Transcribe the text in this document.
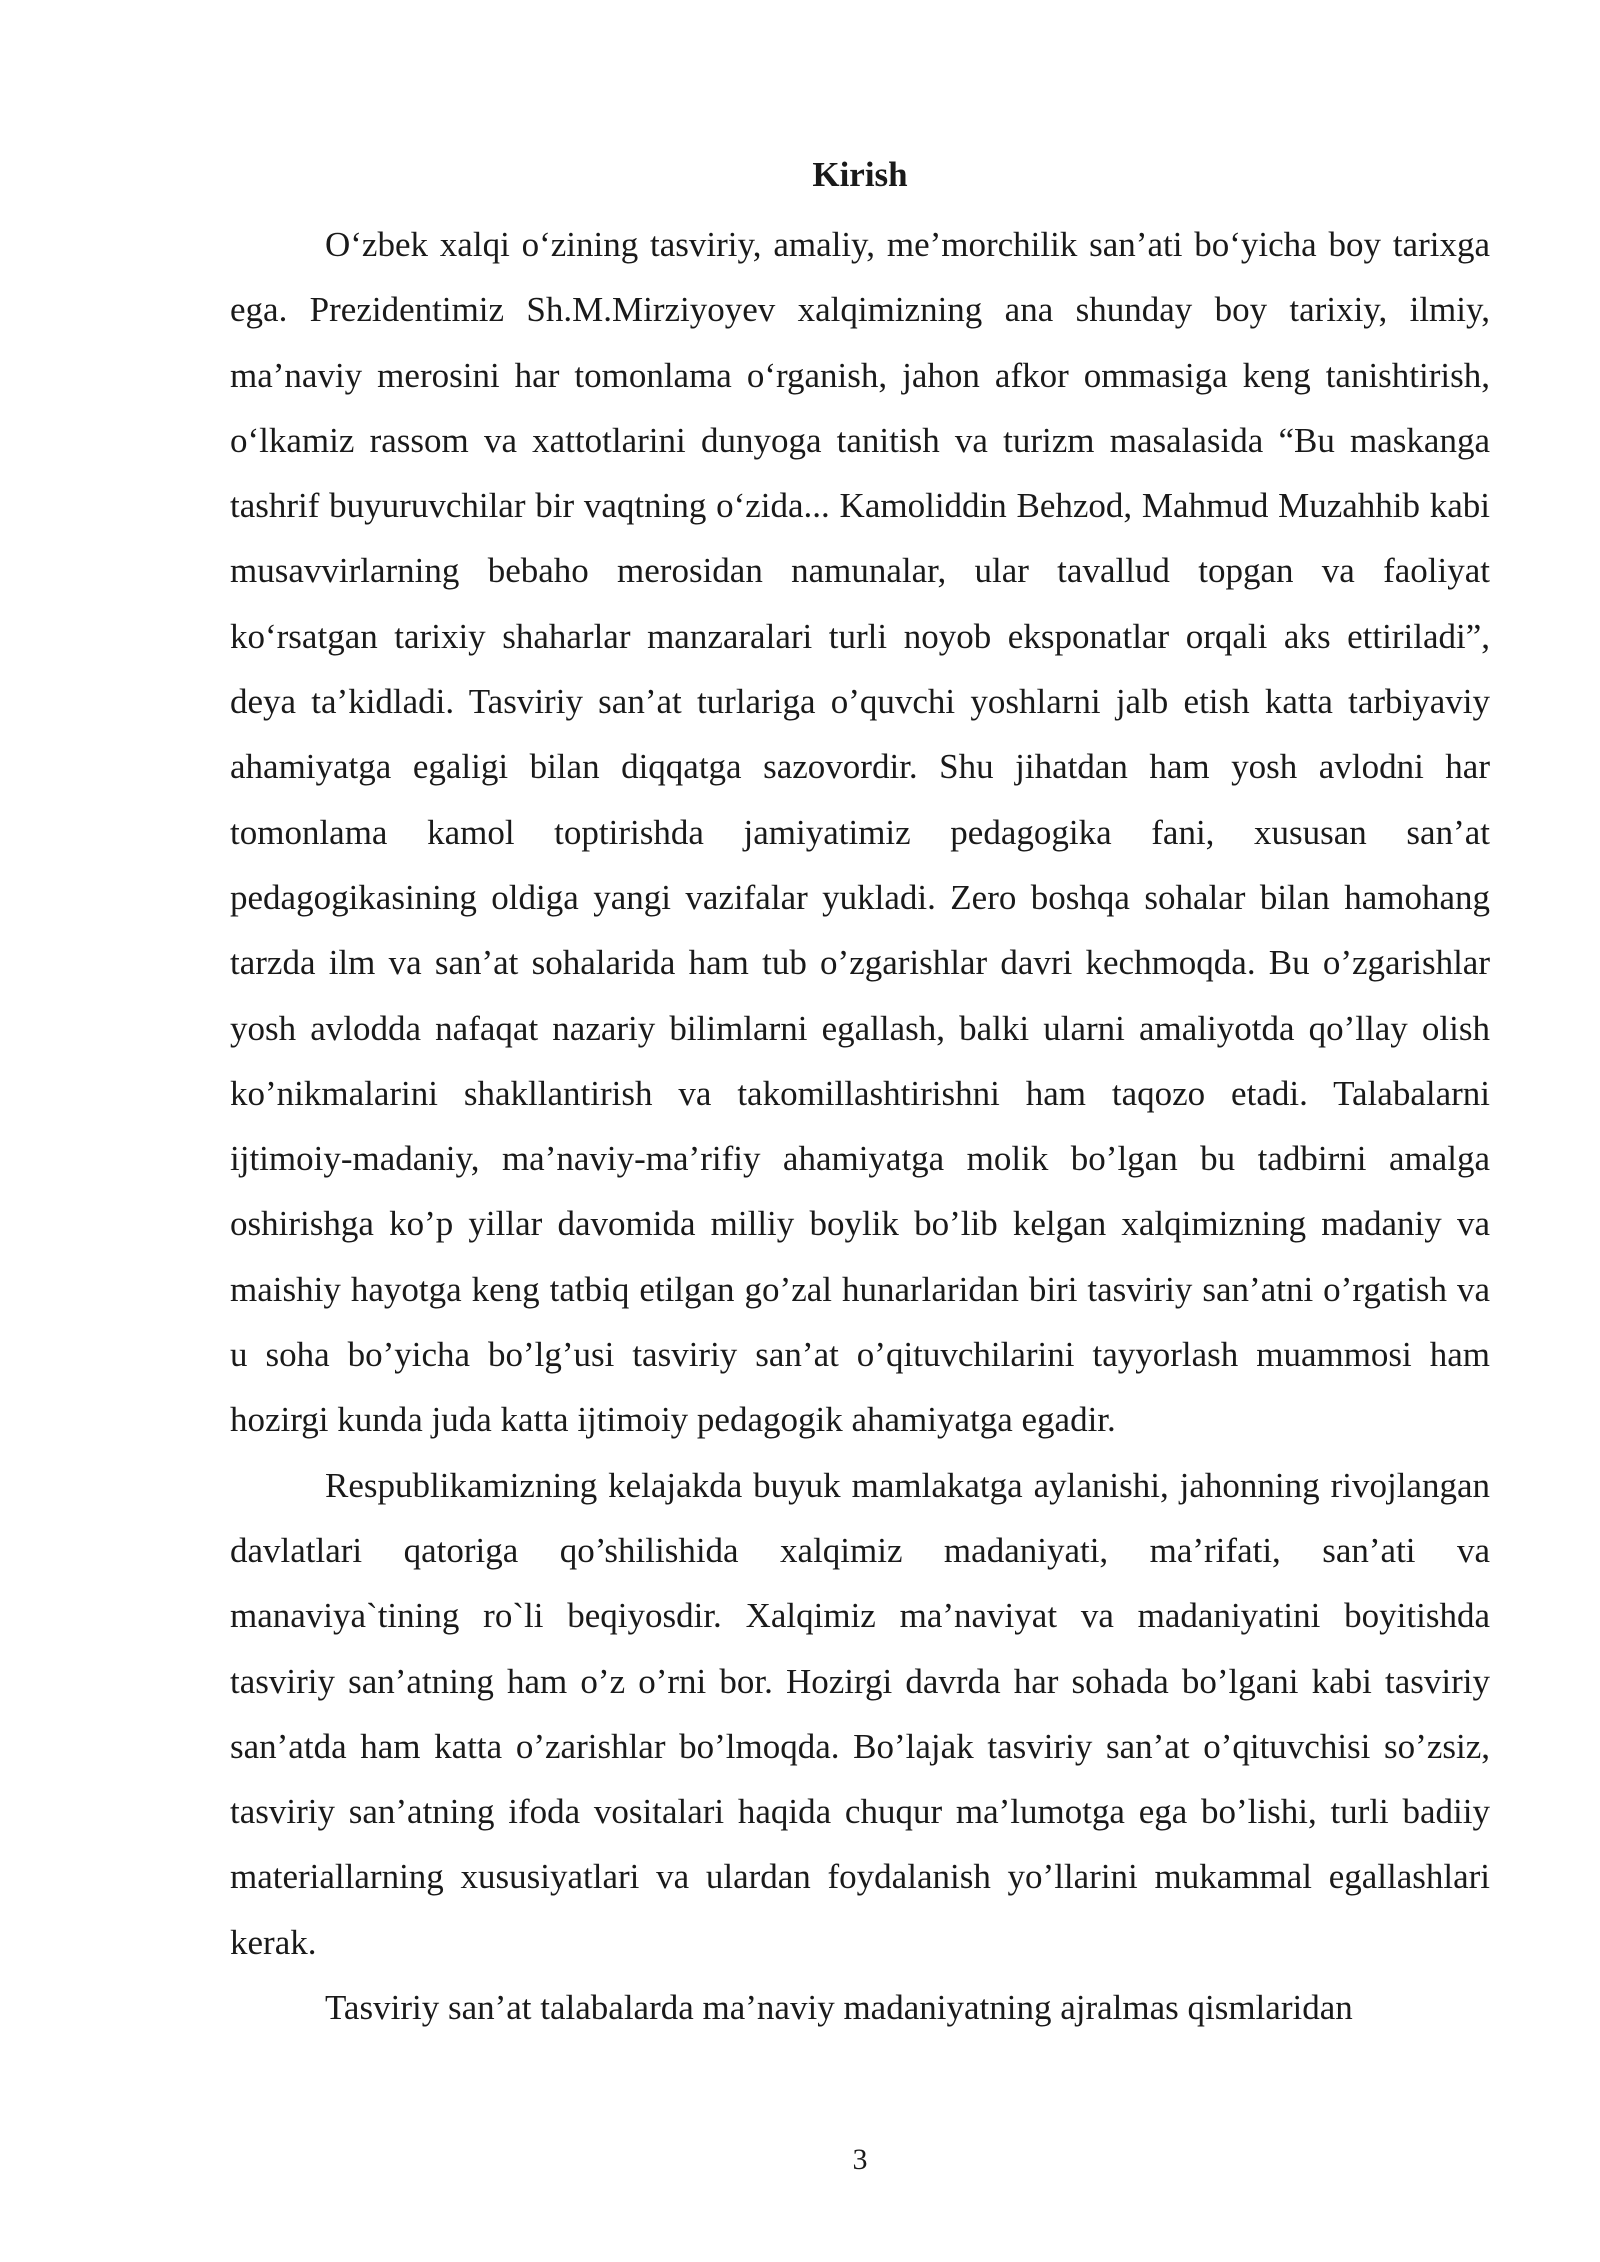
Kirish

O‘zbek xalqi o‘zining tasviriy, amaliy, me’morchilik san’ati bo‘yicha boy tarixga ega. Prezidentimiz Sh.M.Mirziyoyev xalqimizning ana shunday boy tarixiy, ilmiy, ma’naviy merosini har tomonlama o‘rganish, jahon afkor ommasiga keng tanishtirish, o‘lkamiz rassom va xattotlarini dunyoga tanitish va turizm masalasida “Bu maskanga tashrif buyuruvchilar bir vaqtning o‘zida... Kamoliddin Behzod, Mahmud Muzahhib kabi musavvirlarning bebaho merosidan namunalar, ular tavallud topgan va faoliyat ko‘rsatgan tarixiy shaharlar manzaralari turli noyob eksponatlar orqali aks ettiriladi”, deya ta’kidladi. Tasviriy san’at turlariga o’quvchi yoshlarni jalb etish katta tarbiyaviy ahamiyatga egaligi bilan diqqatga sazovordir. Shu jihatdan ham yosh avlodni har tomonlama kamol toptirishda jamiyatimiz pedagogika fani, xususan san’at pedagogikasining oldiga yangi vazifalar yukladi. Zero boshqa sohalar bilan hamohang tarzda ilm va san’at sohalarida ham tub o’zgarishlar davri kechmoqda. Bu o’zgarishlar yosh avlodda nafaqat nazariy bilimlarni egallash, balki ularni amaliyotda qo’llay olish ko’nikmalarini shakllantirish va takomillashtirishni ham taqozo etadi. Talabalarni ijtimoiy-madaniy, ma’naviy-ma’rifiy ahamiyatga molik bo’lgan bu tadbirni amalga oshirishga ko’p yillar davomida milliy boylik bo’lib kelgan xalqimizning madaniy va maishiy hayotga keng tatbiq etilgan go’zal hunarlaridan biri tasviriy san’atni o’rgatish va u soha bo’yicha bo’lg’usi tasviriy san’at o’qituvchilarini tayyorlash muammosi ham hozirgi kunda juda katta ijtimoiy pedagogik ahamiyatga egadir.

Respublikamizning kelajakda buyuk mamlakatga aylanishi, jahonning rivojlangan davlatlari qatoriga qo’shilishida xalqimiz madaniyati, ma’rifati, san’ati va manaviya`tining ro`li beqiyosdir. Xalqimiz ma’naviyat va madaniyatini boyitishda tasviriy san’atning ham o’z o’rni bor. Hozirgi davrda har sohada bo’lgani kabi tasviriy san’atda ham katta o’zarishlar bo’lmoqda. Bo’lajak tasviriy san’at o’qituvchisi so’zsiz, tasviriy san’atning ifoda vositalari haqida chuqur ma’lumotga ega bo’lishi, turli badiiy materiallarning xususiyatlari va ulardan foydalanish yo’llarini mukammal egallashlari kerak.

Tasviriy san’at talabalarda ma’naviy madaniyatning ajralmas qismlaridan

3
